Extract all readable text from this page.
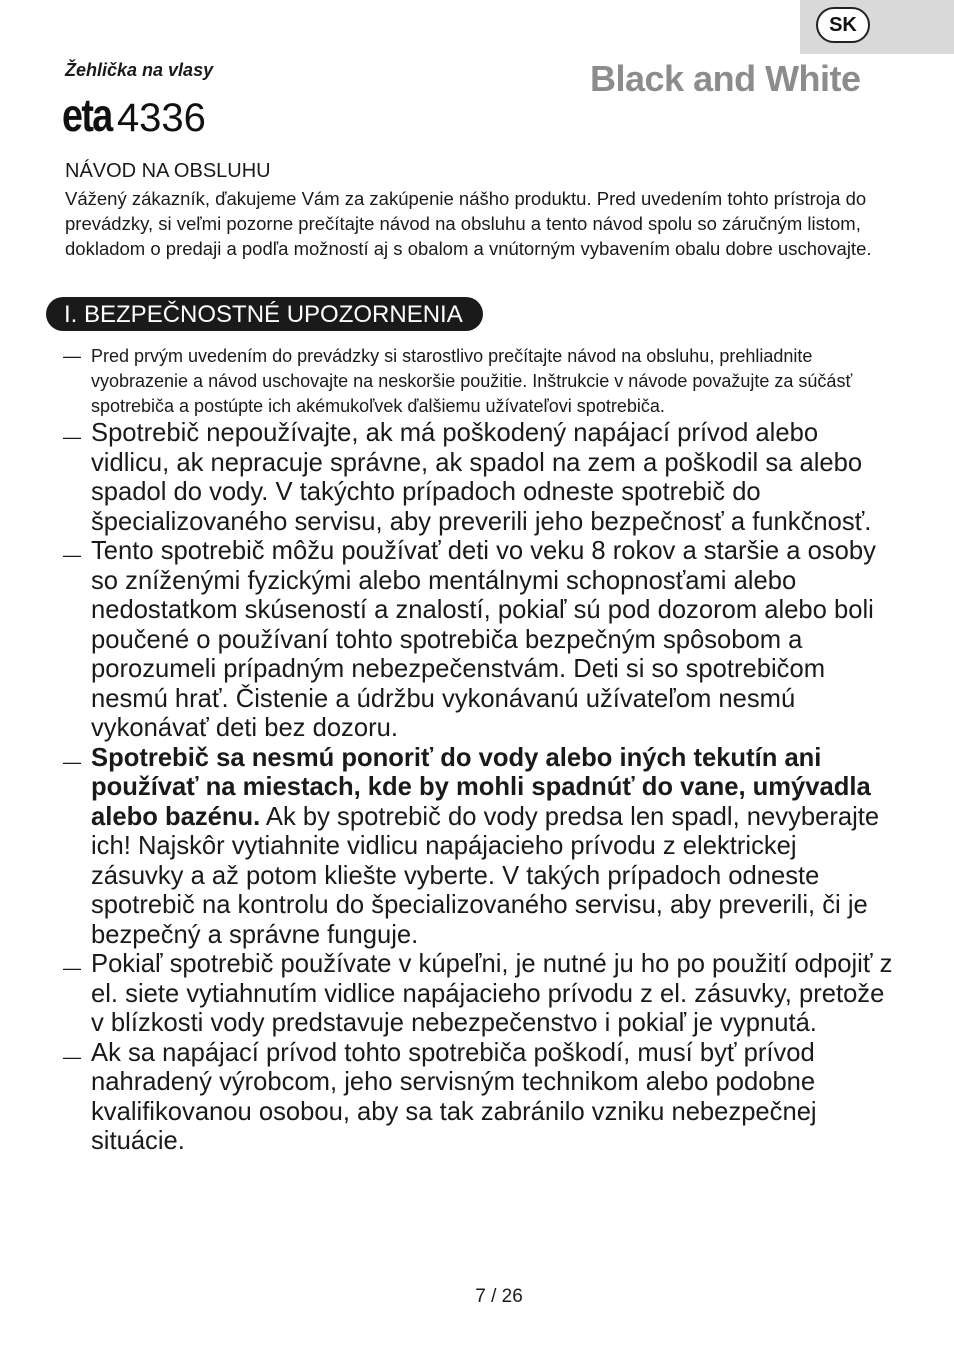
SK
Žehlička na vlasy
eta 4336
Black and White
NÁVOD NA OBSLUHU

Vážený zákazník, ďakujeme Vám za zakúpenie nášho produktu. Pred uvedením tohto prístroja do prevádzky, si veľmi pozorne prečítajte návod na obsluhu a tento návod spolu so záručným listom, dokladom o predaji a podľa možností aj s obalom a vnútorným vybavením obalu dobre uschovajte.

I. BEZPEČNOSTNÉ UPOZORNENIA

— Pred prvým uvedením do prevádzky si starostlivo prečítajte návod na obsluhu, prehliadnite vyobrazenie a návod uschovajte na neskoršie použitie. Inštrukcie v návode považujte za súčásť spotrebiča a postúpte ich akémukoľvek ďalšiemu užívateľovi spotrebiča.

— Spotrebič nepoužívajte, ak má poškodený napájací prívod alebo vidlicu, ak nepracuje správne, ak spadol na zem a poškodil sa alebo spadol do vody. V takýchto prípadoch odneste spotrebič do špecializovaného servisu, aby preverili jeho bezpečnosť a funkčnosť.

— Tento spotrebič môžu používať deti vo veku 8 rokov a staršie a osoby so zníženými fyzickými alebo mentálnymi schopnosťami alebo nedostatkom skúseností a znalostí, pokiaľ sú pod dozorom alebo boli poučené o používaní tohto spotrebiča bezpečným spôsobom a porozumeli prípadným nebezpečenstvám. Deti si so spotrebičom nesmú hrať. Čistenie a údržbu vykonávanú užívateľom nesmú vykonávať deti bez dozoru.

— Spotrebič sa nesmú ponoriť do vody alebo iných tekutín ani používať na miestach, kde by mohli spadnúť do vane, umývadla alebo bazénu. Ak by spotrebič do vody predsa len spadl, nevyberajte ich! Najskôr vytiahnite vidlicu napájacieho prívodu z elektrickej zásuvky a až potom kliešte vyberte. V takých prípadoch odneste spotrebič na kontrolu do špecializovaného servisu, aby preverili, či je bezpečný a správne funguje.

— Pokiaľ spotrebič používate v kúpeľni, je nutné ju ho po použití odpojiť z el. siete vytiahnutím vidlice napájacieho prívodu z el. zásuvky, pretože v blízkosti vody predstavuje nebezpečenstvo i pokiaľ je vypnutá.

— Ak sa napájací prívod tohto spotrebiča poškodí, musí byť prívod nahradený výrobcom, jeho servisným technikom alebo podobne kvalifikovanou osobou, aby sa tak zabránilo vzniku nebezpečnej situácie.

7 / 26
